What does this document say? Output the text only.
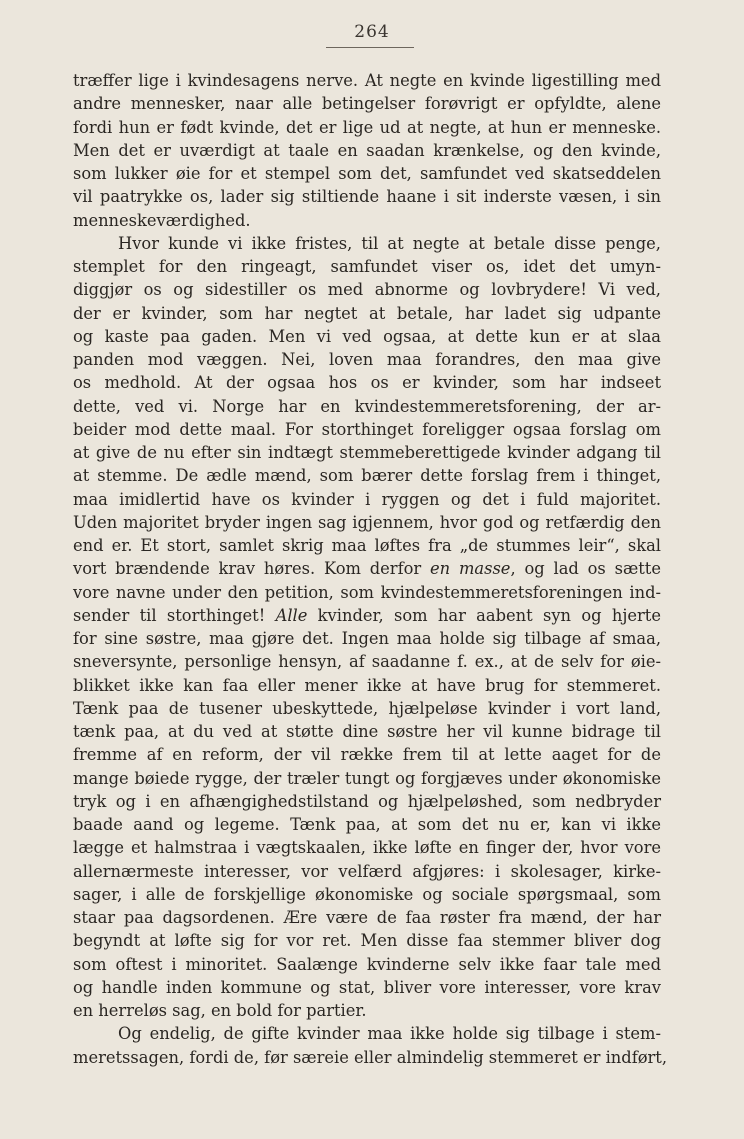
264
træffer lige i kvindesagens nerve. At negte en kvinde ligestilling med
andre mennesker, naar alle betingelser forøvrigt er opfyldte, alene
fordi hun er født kvinde, det er lige ud at negte, at hun er menneske.
Men det er uværdigt at taale en saadan krænkelse, og den kvinde,
som lukker øie for et stempel som det, samfundet ved skatseddelen
vil paatrykke os, lader sig stiltiende haane i sit inderste væsen, i sin
menneskeværdighed.
Hvor kunde vi ikke fristes, til at negte at betale disse penge,
stemplet for den ringeagt, samfundet viser os, idet det umyn-
diggjør os og sidestiller os med abnorme og lovbrydere! Vi ved,
der er kvinder, som har negtet at betale, har ladet sig udpante
og kaste paa gaden. Men vi ved ogsaa, at dette kun er at slaa
panden mod væggen. Nei, loven maa forandres, den maa give
os medhold. At der ogsaa hos os er kvinder, som har indseet
dette, ved vi. Norge har en kvindestemmeretsforening, der ar-
beider mod dette maal. For storthinget foreligger ogsaa forslag om
at give de nu efter sin indtægt stemmeberettigede kvinder adgang til
at stemme. De ædle mænd, som bærer dette forslag frem i thinget,
maa imidlertid have os kvinder i ryggen og det i fuld majoritet.
Uden majoritet bryder ingen sag igjennem, hvor god og retfærdig den
end er. Et stort, samlet skrig maa løftes fra „de stummes leir“, skal
vort brændende krav høres. Kom derfor en masse, og lad os sætte
vore navne under den petition, som kvindestemmeretsforeningen ind-
sender til storthinget! Alle kvinder, som har aabent syn og hjerte
for sine søstre, maa gjøre det. Ingen maa holde sig tilbage af smaa,
sneversynte, personlige hensyn, af saadanne f. ex., at de selv for øie-
blikket ikke kan faa eller mener ikke at have brug for stemmeret.
Tænk paa de tusener ubeskyttede, hjælpeløse kvinder i vort land,
tænk paa, at du ved at støtte dine søstre her vil kunne bidrage til
fremme af en reform, der vil række frem til at lette aaget for de
mange bøiede rygge, der træler tungt og forgjæves under økonomiske
tryk og i en afhængighedstilstand og hjælpeløshed, som nedbryder
baade aand og legeme. Tænk paa, at som det nu er, kan vi ikke
lægge et halmstraa i vægtskaalen, ikke løfte en finger der, hvor vore
allernærmeste interesser, vor velfærd afgjøres: i skolesager, kirke-
sager, i alle de forskjellige økonomiske og sociale spørgsmaal, som
staar paa dagsordenen. Ære være de faa røster fra mænd, der har
begyndt at løfte sig for vor ret. Men disse faa stemmer bliver dog
som oftest i minoritet. Saalænge kvinderne selv ikke faar tale med
og handle inden kommune og stat, bliver vore interesser, vore krav
en herreløs sag, en bold for partier.
Og endelig, de gifte kvinder maa ikke holde sig tilbage i stem-
meretssagen, fordi de, før særeie eller almindelig stemmeret er indført,
